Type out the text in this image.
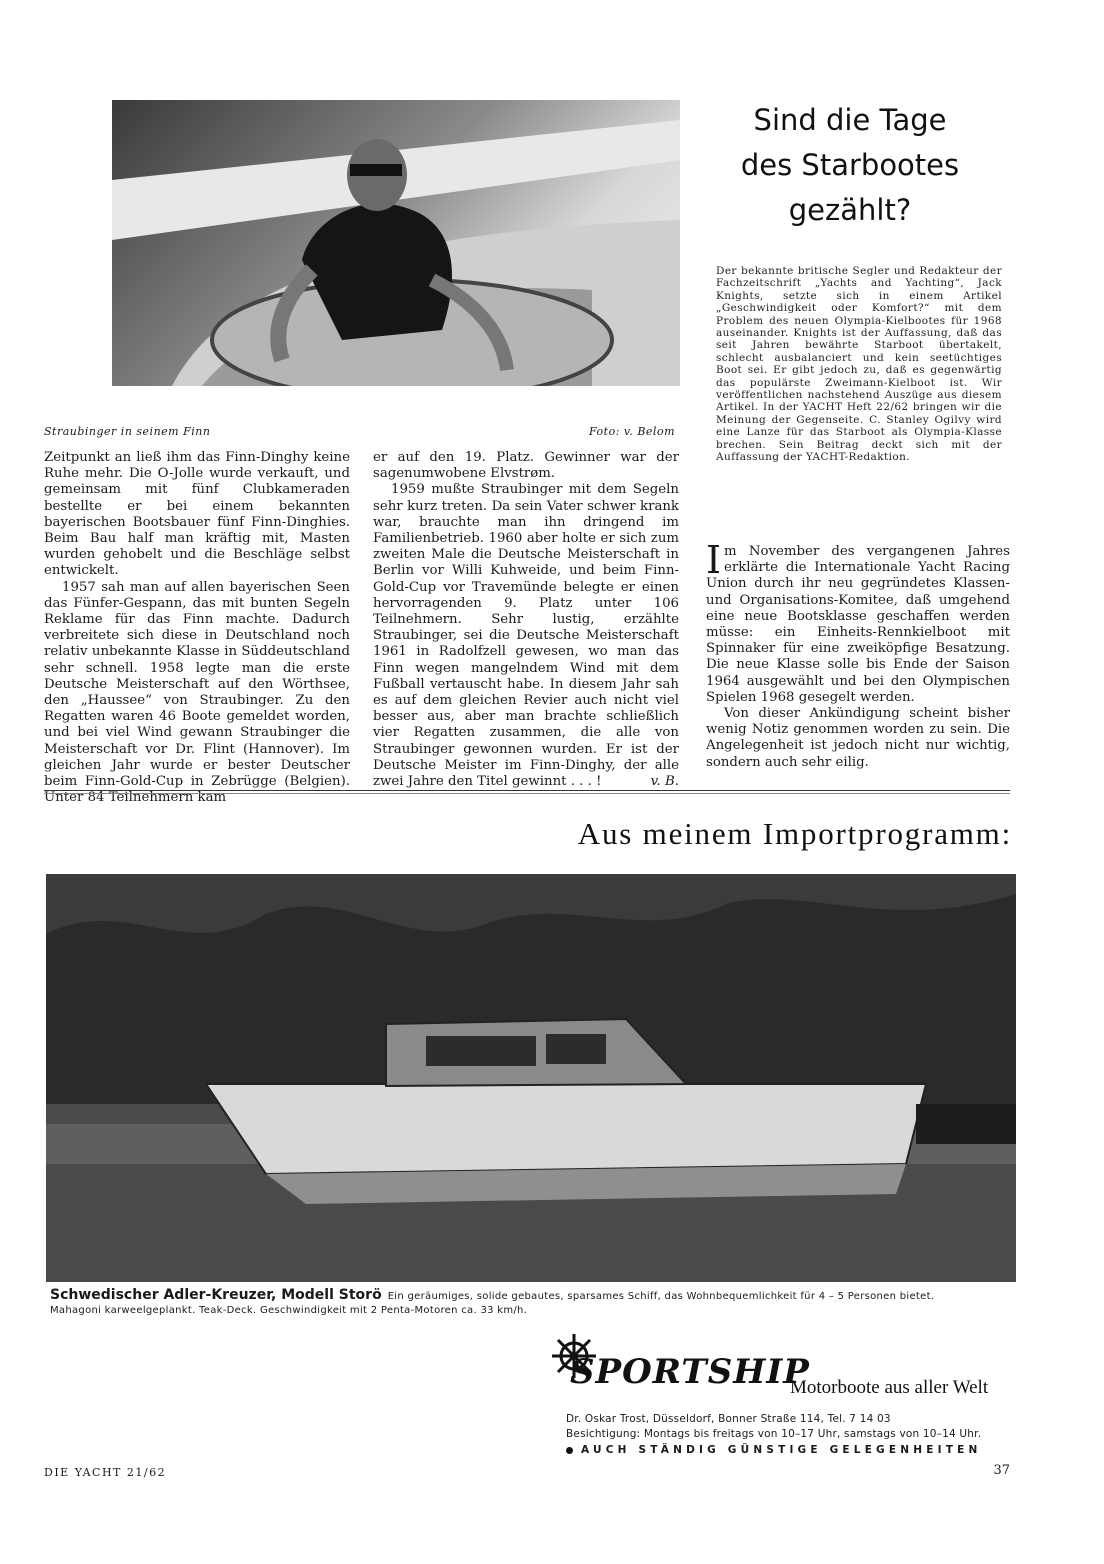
Straubinger in seinem Finn	Foto: v. Belom

Zeitpunkt an ließ ihm das Finn-Dinghy keine Ruhe mehr. Die O-Jolle wurde verkauft, und gemeinsam mit fünf Clubkameraden bestellte er bei einem bekannten bayerischen Bootsbauer fünf Finn-Dinghies. Beim Bau half man kräftig mit, Masten wurden gehobelt und die Beschläge selbst entwickelt.

1957 sah man auf allen bayerischen Seen das Fünfer-Gespann, das mit bunten Segeln Reklame für das Finn machte. Dadurch verbreitete sich diese in Deutschland noch relativ unbekannte Klasse in Süddeutschland sehr schnell. 1958 legte man die erste Deutsche Meisterschaft auf den Wörthsee, den „Haussee“ von Straubinger. Zu den Regatten waren 46 Boote gemeldet worden, und bei viel Wind gewann Straubinger die Meisterschaft vor Dr. Flint (Hannover). Im gleichen Jahr wurde er bester Deutscher beim Finn-Gold-Cup in Zebrügge (Belgien). Unter 84 Teilnehmern kam

er auf den 19. Platz. Gewinner war der sagenumwobene Elvstrøm.

1959 mußte Straubinger mit dem Segeln sehr kurz treten. Da sein Vater schwer krank war, brauchte man ihn dringend im Familienbetrieb. 1960 aber holte er sich zum zweiten Male die Deutsche Meisterschaft in Berlin vor Willi Kuhweide, und beim Finn-Gold-Cup vor Travemünde belegte er einen hervorragenden 9. Platz unter 106 Teilnehmern. Sehr lustig, erzählte Straubinger, sei die Deutsche Meisterschaft 1961 in Radolfzell gewesen, wo man das Finn wegen mangelndem Wind mit dem Fußball vertauscht habe. In diesem Jahr sah es auf dem gleichen Revier auch nicht viel besser aus, aber man brachte schließlich vier Regatten zusammen, die alle von Straubinger gewonnen wurden. Er ist der Deutsche Meister im Finn-Dinghy, der alle zwei Jahre den Titel gewinnt . . . !	v. B.

Sind die Tage
des Starbootes
gezählt?
Der bekannte britische Segler und Redakteur der Fachzeitschrift „Yachts and Yachting“, Jack Knights, setzte sich in einem Artikel „Geschwindigkeit oder Komfort?“ mit dem Problem des neuen Olympia-Kielbootes für 1968 auseinander. Knights ist der Auffassung, daß das seit Jahren bewährte Starboot übertakelt, schlecht ausbalanciert und kein seetüchtiges Boot sei. Er gibt jedoch zu, daß es gegenwärtig das populärste Zweimann-Kielboot ist. Wir veröffentlichen nachstehend Auszüge aus diesem Artikel. In der YACHT Heft 22/62 bringen wir die Meinung der Gegenseite. C. Stanley Ogilvy wird eine Lanze für das Starboot als Olympia-Klasse brechen. Sein Beitrag deckt sich mit der Auffassung der YACHT-Redaktion.

Im November des vergangenen Jahres erklärte die Internationale Yacht Racing Union durch ihr neu gegründetes Klassen- und Organisations-Komitee, daß umgehend eine neue Bootsklasse geschaffen werden müsse: ein Einheits-Rennkielboot mit Spinnaker für eine zweiköpfige Besatzung. Die neue Klasse solle bis Ende der Saison 1964 ausgewählt und bei den Olympischen Spielen 1968 gesegelt werden.

Von dieser Ankündigung scheint bisher wenig Notiz genommen worden zu sein. Die Angelegenheit ist jedoch nicht nur wichtig, sondern auch sehr eilig.

Aus meinem Importprogramm:
Schwedischer Adler-Kreuzer, Modell Storö Ein geräumiges, solide gebautes, sparsames Schiff, das Wohnbequemlichkeit für 4 – 5 Personen bietet.
Mahagoni karweelgeplankt. Teak-Deck. Geschwindigkeit mit 2 Penta-Motoren ca. 33 km/h.
SPORTSHIP
Motorboote aus aller Welt
Dr. Oskar Trost, Düsseldorf, Bonner Straße 114, Tel. 7 14 03
Besichtigung: Montags bis freitags von 10–17 Uhr, samstags von 10–14 Uhr.
AUCH STÄNDIG GÜNSTIGE GELEGENHEITEN
DIE YACHT 21/62	37
